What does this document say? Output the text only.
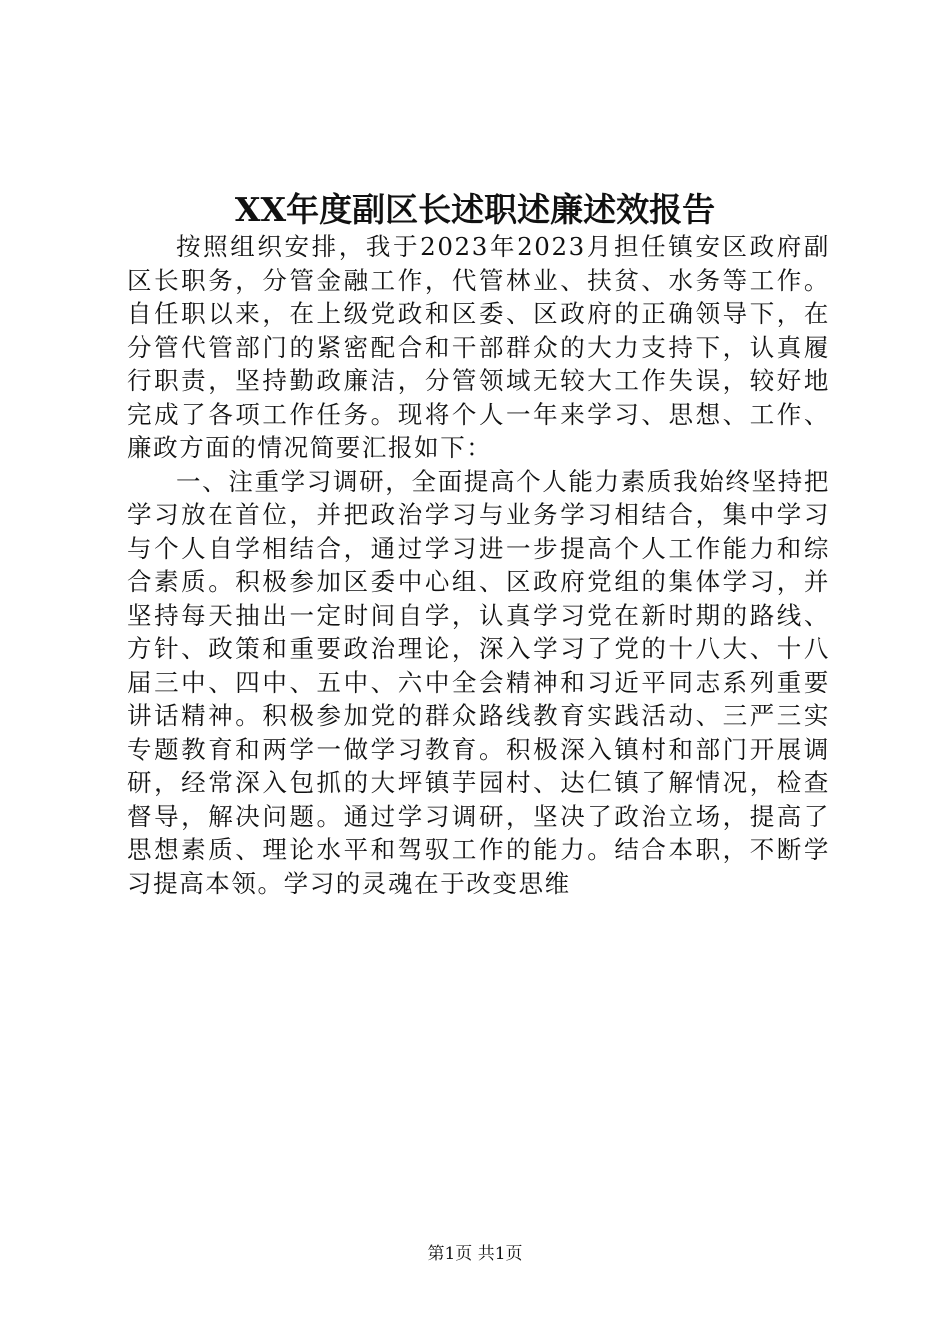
XX年度副区长述职述廉述效报告

按照组织安排，我于2023年2023月担任镇安区政府副区长职务，分管金融工作，代管林业、扶贫、水务等工作。自任职以来，在上级党政和区委、区政府的正确领导下，在分管代管部门的紧密配合和干部群众的大力支持下，认真履行职责，坚持勤政廉洁，分管领域无较大工作失误，较好地完成了各项工作任务。现将个人一年来学习、思想、工作、廉政方面的情况简要汇报如下：

一、注重学习调研，全面提高个人能力素质我始终坚持把学习放在首位，并把政治学习与业务学习相结合，集中学习与个人自学相结合，通过学习进一步提高个人工作能力和综合素质。积极参加区委中心组、区政府党组的集体学习，并坚持每天抽出一定时间自学，认真学习党在新时期的路线、方针、政策和重要政治理论，深入学习了党的十八大、十八届三中、四中、五中、六中全会精神和习近平同志系列重要讲话精神。积极参加党的群众路线教育实践活动、三严三实专题教育和两学一做学习教育。积极深入镇村和部门开展调研，经常深入包抓的大坪镇芋园村、达仁镇了解情况，检查督导，解决问题。通过学习调研，坚决了政治立场，提高了思想素质、理论水平和驾驭工作的能力。结合本职，不断学习提高本领。学习的灵魂在于改变思维

第1页 共1页
